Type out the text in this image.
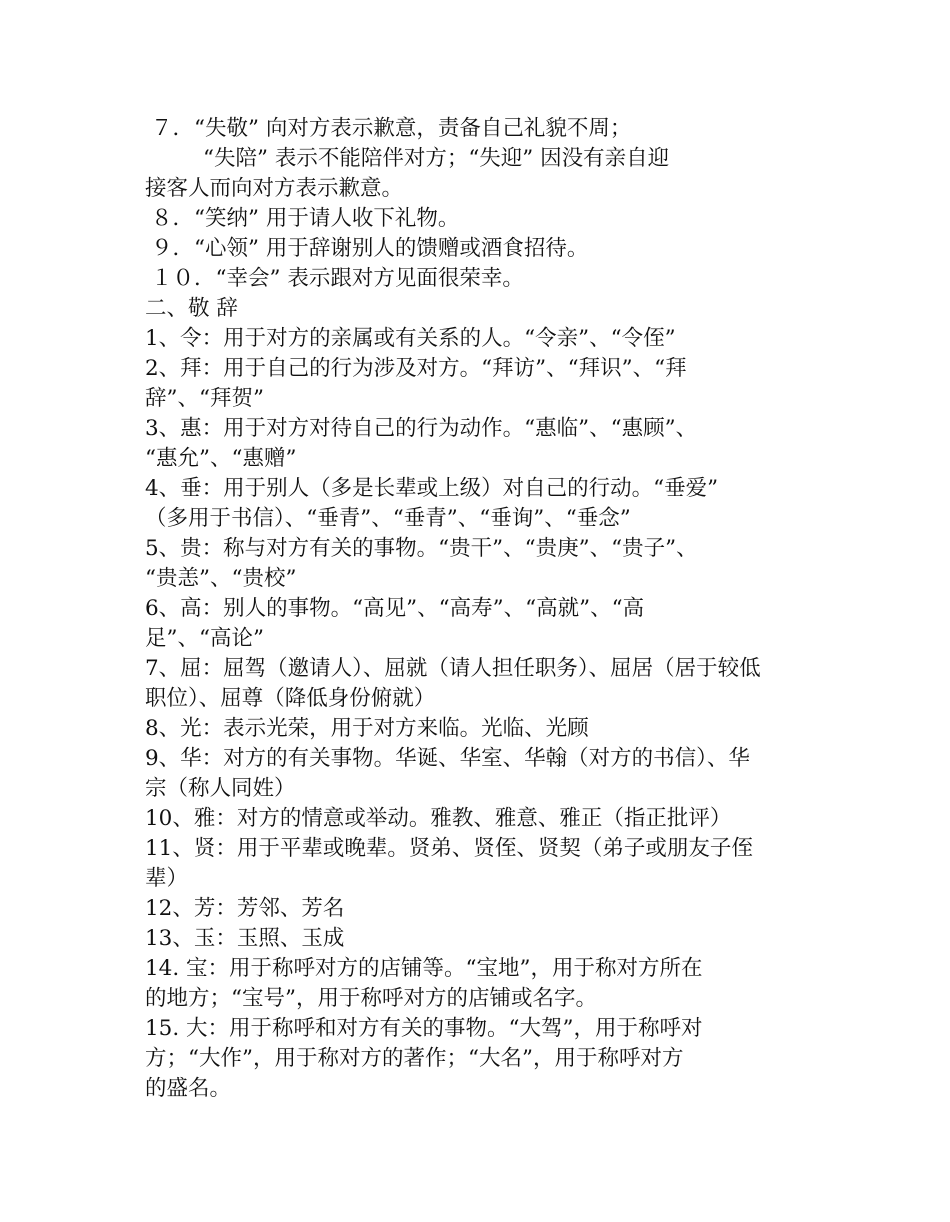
７．“失敬” 向对方表示歉意，责备自己礼貌不周；
“失陪” 表示不能陪伴对方；“失迎” 因没有亲自迎
接客人而向对方表示歉意。
８．“笑纳” 用于请人收下礼物。
９．“心领” 用于辞谢别人的馈赠或酒食招待。
１０．“幸会” 表示跟对方见面很荣幸。
二、敬 辞
1、令：用于对方的亲属或有关系的人。“令亲”、“令侄”
2、拜：用于自己的行为涉及对方。“拜访”、“拜识”、“拜
辞”、“拜贺”
3、惠：用于对方对待自己的行为动作。“惠临”、“惠顾”、
“惠允”、“惠赠”
4、垂：用于别人（多是长辈或上级）对自己的行动。“垂爱”
（多用于书信）、“垂青”、“垂青”、“垂询”、“垂念”
5、贵：称与对方有关的事物。“贵干”、“贵庚”、“贵子”、
“贵恙”、“贵校”
6、高：别人的事物。“高见”、“高寿”、“高就”、“高
足”、“高论”
7、屈：屈驾（邀请人）、屈就（请人担任职务）、屈居（居于较低
职位）、屈尊（降低身份俯就）
8、光：表示光荣，用于对方来临。光临、光顾
9、华：对方的有关事物。华诞、华室、华翰（对方的书信）、华
宗（称人同姓）
10、雅：对方的情意或举动。雅教、雅意、雅正（指正批评）
11、贤：用于平辈或晚辈。贤弟、贤侄、贤契（弟子或朋友子侄
辈）
12、芳：芳邻、芳名
13、玉：玉照、玉成
14. 宝：用于称呼对方的店铺等。“宝地”，用于称对方所在
的地方；“宝号”，用于称呼对方的店铺或名字。
15. 大：用于称呼和对方有关的事物。“大驾”，用于称呼对
方；“大作”，用于称对方的著作；“大名”，用于称呼对方
的盛名。
